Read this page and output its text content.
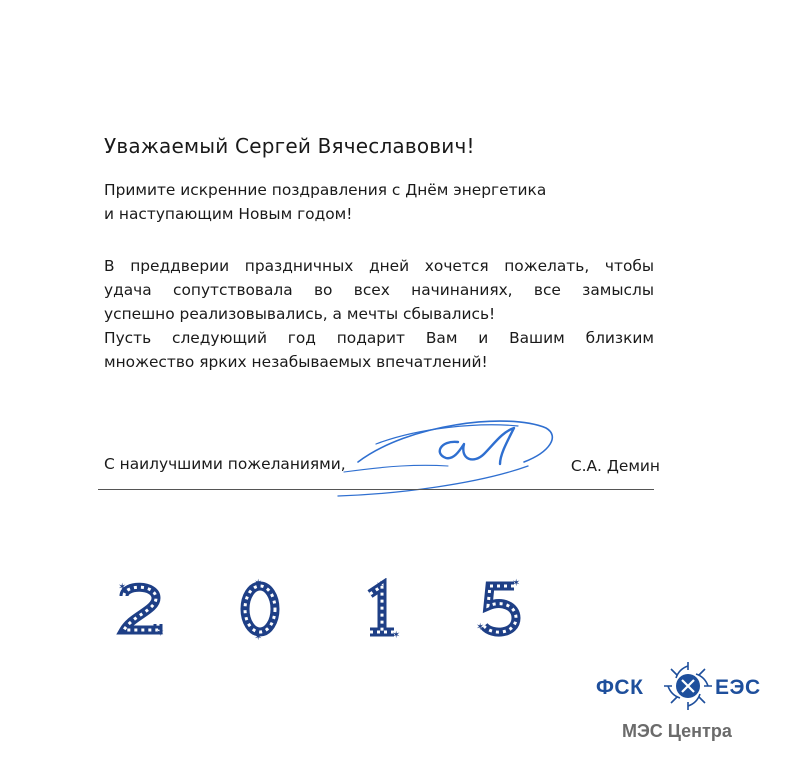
Уважаемый Сергей Вячеславович!
Примите искренние поздравления с Днём энергетика
и наступающим Новым годом!
В преддверии праздничных дней хочется пожелать, чтобы
удача сопутствовала во всех начинаниях, все замыслы
успешно реализовывались, а мечты сбывались!
Пусть следующий год подарит Вам и Вашим близким
множество ярких незабываемых впечатлений!
С наилучшими пожеланиями,	С.А. Демин
✶
✶
✶
✶
✶
✶
✶
✶
ФСК	ЕЭС
МЭС Центра
